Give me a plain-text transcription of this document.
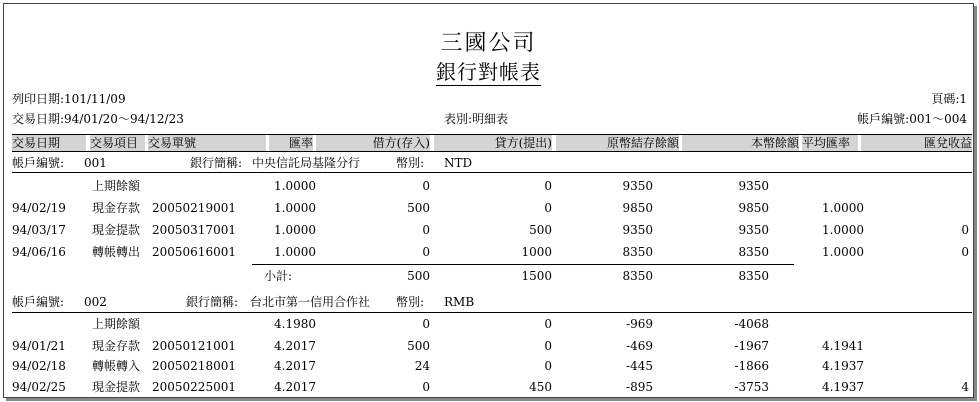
三國公司
銀行對帳表
列印日期:101/11/09	頁碼:1
交易日期:94/01/20～94/12/23	表別:明細表	帳戶編號:001～004
交易日期	交易項目 交易單號	匯率	借方(存入)	貸方(提出)	原幣結存餘額	本幣餘額 平均匯率	匯兌收益
帳戶編號: 001	銀行簡稱: 中央信託局基隆分行	幣別: NTD
上期餘額	1.0000	0	0	9350	9350
94/02/19 現金存款 20050219001	1.0000	500	0	9850	9850	1.0000
94/03/17 現金提款 20050317001	1.0000	0	500	9350	9350	1.0000	0
94/06/16 轉帳轉出 20050616001	1.0000	0	1000	8350	8350	1.0000	0
小計:	500	1500	8350	8350
帳戶編號: 002	銀行簡稱: 台北市第一信用合作社 幣別: RMB
上期餘額	4.1980	0	0	-969	-4068
94/01/21 現金存款 20050121001	4.2017	500	0	-469	-1967	4.1941
94/02/18 轉帳轉入 20050218001	4.2017	24	0	-445	-1866	4.1937
94/02/25 現金提款 20050225001	4.2017	0	450	-895	-3753	4.1937	4
